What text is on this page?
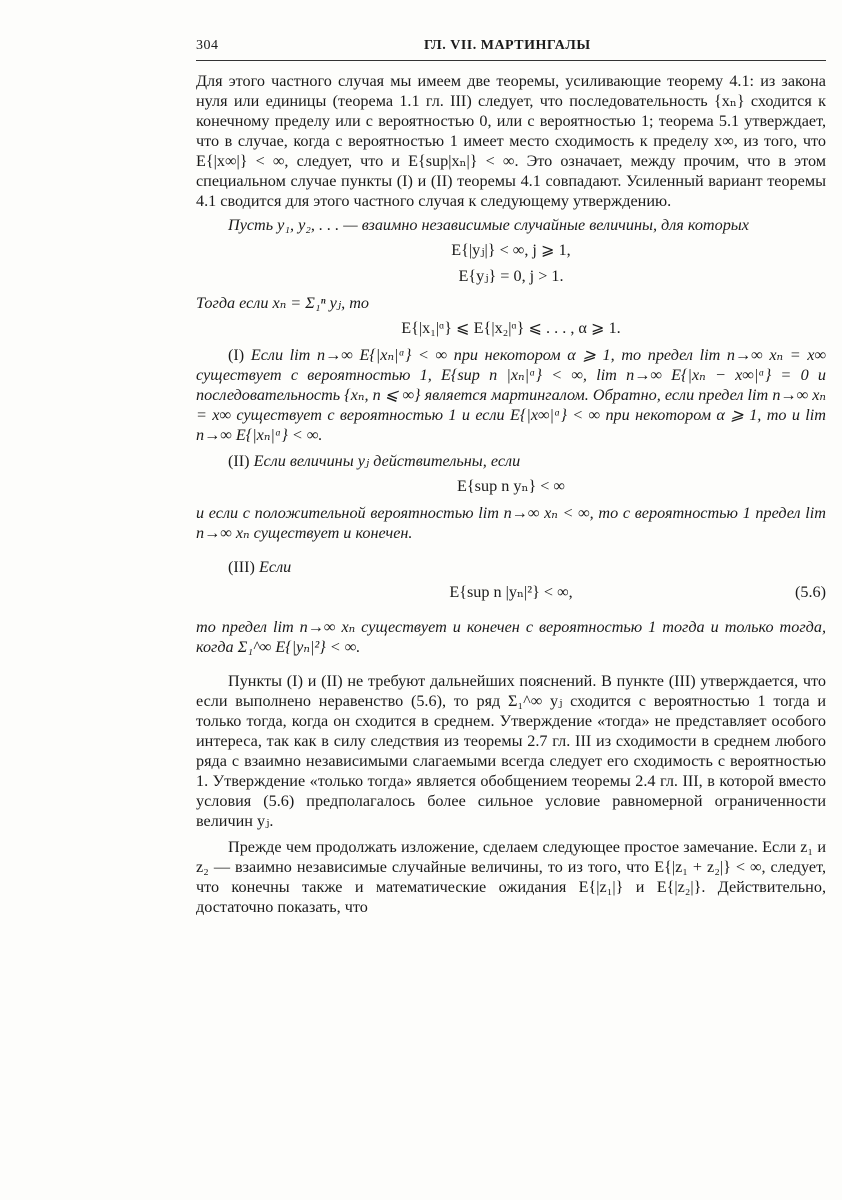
304	ГЛ. VII. МАРТИНГАЛЫ

Для этого частного случая мы имеем две теоремы, усиливающие теорему 4.1: из закона нуля или единицы (теорема 1.1 гл. III) следует, что последовательность {xₙ} сходится к конечному пределу или с вероятностью 0, или с вероятностью 1; теорема 5.1 утверждает, что в случае, когда с вероятностью 1 имеет место сходимость к пределу x∞, из того, что E{|x∞|} < ∞, следует, что и E{sup|xₙ|} < ∞. Это означает, между прочим, что в этом специальном случае пункты (I) и (II) теоремы 4.1 совпадают. Усиленный вариант теоремы 4.1 сводится для этого частного случая к следующему утверждению.

Пусть y₁, y₂, . . . — взаимно независимые случайные величины, для которых

E{|yⱼ|} < ∞, j ⩾ 1,
E{yⱼ} = 0, j > 1.

Тогда если xₙ = Σ₁ⁿ yⱼ, то

E{|x₁|ᵅ} ⩽ E{|x₂|ᵅ} ⩽ . . . , α ⩾ 1.

(I) Если lim n→∞ E{|xₙ|ᵅ} < ∞ при некотором α ⩾ 1, то предел lim n→∞ xₙ = x∞ существует с вероятностью 1, E{sup n |xₙ|ᵅ} < ∞, lim n→∞ E{|xₙ − x∞|ᵅ} = 0 и последовательность {xₙ, n ⩽ ∞} является мартингалом. Обратно, если предел lim n→∞ xₙ = x∞ существует с вероятностью 1 и если E{|x∞|ᵅ} < ∞ при некотором α ⩾ 1, то и lim n→∞ E{|xₙ|ᵅ} < ∞.

(II) Если величины yⱼ действительны, если

E{sup n yₙ} < ∞

и если с положительной вероятностью lim n→∞ xₙ < ∞, то с вероятностью 1 предел lim n→∞ xₙ существует и конечен.

(III) Если

E{sup n |yₙ|²} < ∞,	(5.6)

то предел lim n→∞ xₙ существует и конечен с вероятностью 1 тогда и только тогда, когда Σ₁^∞ E{|yₙ|²} < ∞.

Пункты (I) и (II) не требуют дальнейших пояснений. В пункте (III) утверждается, что если выполнено неравенство (5.6), то ряд Σ₁^∞ yⱼ сходится с вероятностью 1 тогда и только тогда, когда он сходится в среднем. Утверждение «тогда» не представляет особого интереса, так как в силу следствия из теоремы 2.7 гл. III из сходимости в среднем любого ряда с взаимно независимыми слагаемыми всегда следует его сходимость с вероятностью 1. Утверждение «только тогда» является обобщением теоремы 2.4 гл. III, в которой вместо условия (5.6) предполагалось более сильное условие равномерной ограниченности величин yⱼ.

Прежде чем продолжать изложение, сделаем следующее простое замечание. Если z₁ и z₂ — взаимно независимые случайные величины, то из того, что E{|z₁ + z₂|} < ∞, следует, что конечны также и математические ожидания E{|z₁|} и E{|z₂|}. Действительно, достаточно показать, что
